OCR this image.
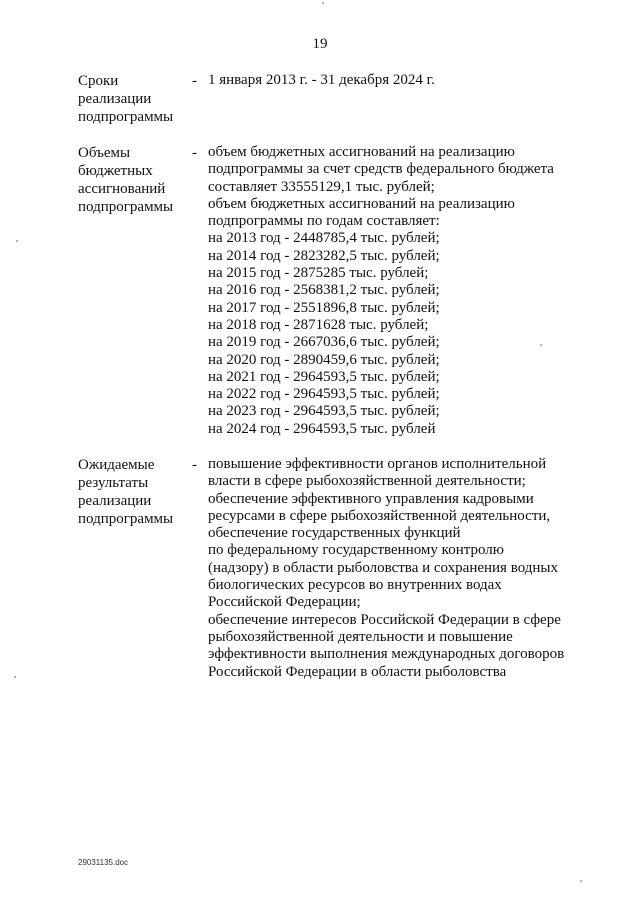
19
Сроки
реализации
подпрограммы
- 1 января 2013 г. - 31 декабря 2024 г.
Объемы
бюджетных
ассигнований
подпрограммы
- объем бюджетных ассигнований на реализацию
подпрограммы за счет средств федерального бюджета
составляет 33555129,1 тыс. рублей;
объем бюджетных ассигнований на реализацию
подпрограммы по годам составляет:
на 2013 год - 2448785,4 тыс. рублей;
на 2014 год - 2823282,5 тыс. рублей;
на 2015 год - 2875285 тыс. рублей;
на 2016 год - 2568381,2 тыс. рублей;
на 2017 год - 2551896,8 тыс. рублей;
на 2018 год - 2871628 тыс. рублей;
на 2019 год - 2667036,6 тыс. рублей;
на 2020 год - 2890459,6 тыс. рублей;
на 2021 год - 2964593,5 тыс. рублей;
на 2022 год - 2964593,5 тыс. рублей;
на 2023 год - 2964593,5 тыс. рублей;
на 2024 год - 2964593,5 тыс. рублей
Ожидаемые
результаты
реализации
подпрограммы
- повышение эффективности органов исполнительной
власти в сфере рыбохозяйственной деятельности;
обеспечение эффективного управления кадровыми
ресурсами в сфере рыбохозяйственной деятельности,
обеспечение государственных функций
по федеральному государственному контролю
(надзору) в области рыболовства и сохранения водных
биологических ресурсов во внутренних водах
Российской Федерации;
обеспечение интересов Российской Федерации в сфере
рыбохозяйственной деятельности и повышение
эффективности выполнения международных договоров
Российской Федерации в области рыболовства
29031135.doc
